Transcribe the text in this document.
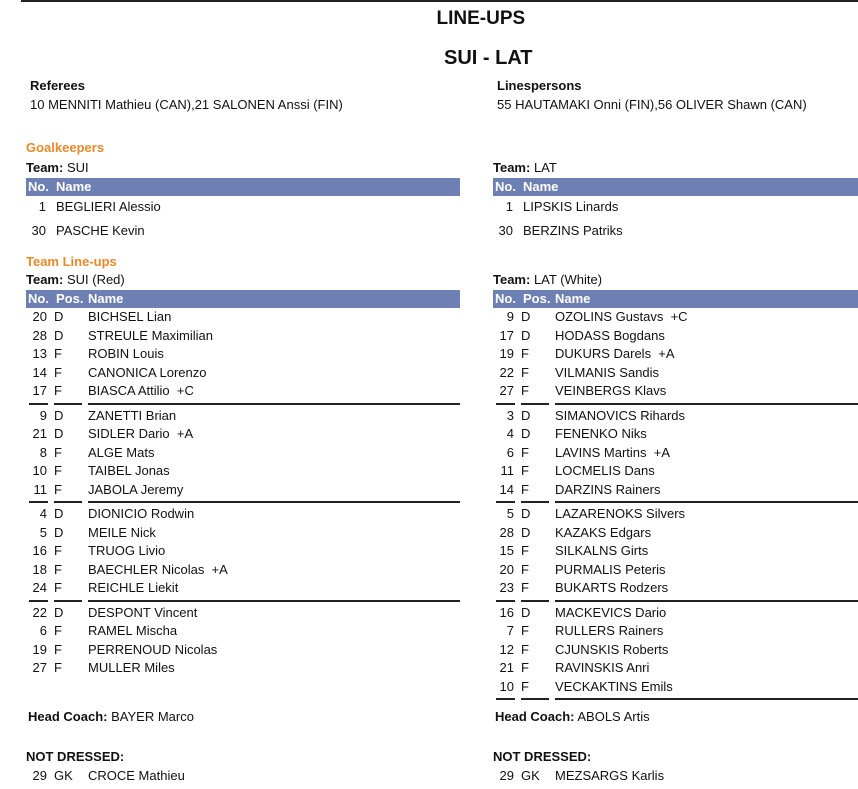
LINE-UPS
SUI - LAT
Referees
10 MENNITI Mathieu (CAN),21 SALONEN Anssi (FIN)
Linespersons
55 HAUTAMAKI Onni (FIN),56 OLIVER Shawn (CAN)
Goalkeepers
Team: SUI
No. Name
1 BEGLIERI Alessio
30 PASCHE Kevin
Team Line-ups
Team: SUI (Red)
No. Pos. Name
20 D BICHSEL Lian
28 D STREULE Maximilian
13 F ROBIN Louis
14 F CANONICA Lorenzo
17 F BIASCA Attilio  +C
9 D ZANETTI Brian
21 D SIDLER Dario  +A
8 F ALGE Mats
10 F TAIBEL Jonas
11 F JABOLA Jeremy
4 D DIONICIO Rodwin
5 D MEILE Nick
16 F TRUOG Livio
18 F BAECHLER Nicolas  +A
24 F REICHLE Liekit
22 D DESPONT Vincent
6 F RAMEL Mischa
19 F PERRENOUD Nicolas
27 F MULLER Miles
Head Coach: BAYER Marco
NOT DRESSED:
29 GK CROCE Mathieu
Team: LAT
No. Name
1 LIPSKIS Linards
30 BERZINS Patriks
Team: LAT (White)
No. Pos. Name
9 D OZOLINS Gustavs  +C
17 D HODASS Bogdans
19 F DUKURS Darels  +A
22 F VILMANIS Sandis
27 F VEINBERGS Klavs
3 D SIMANOVICS Rihards
4 D FENENKO Niks
6 F LAVINS Martins  +A
11 F LOCMELIS Dans
14 F DARZINS Rainers
5 D LAZARENOKS Silvers
28 D KAZAKS Edgars
15 F SILKALNS Girts
20 F PURMALIS Peteris
23 F BUKARTS Rodzers
16 D MACKEVICS Dario
7 F RULLERS Rainers
12 F CJUNSKIS Roberts
21 F RAVINSKIS Anri
10 F VECKAKTINS Emils
Head Coach: ABOLS Artis
NOT DRESSED:
29 GK MEZSARGS Karlis
